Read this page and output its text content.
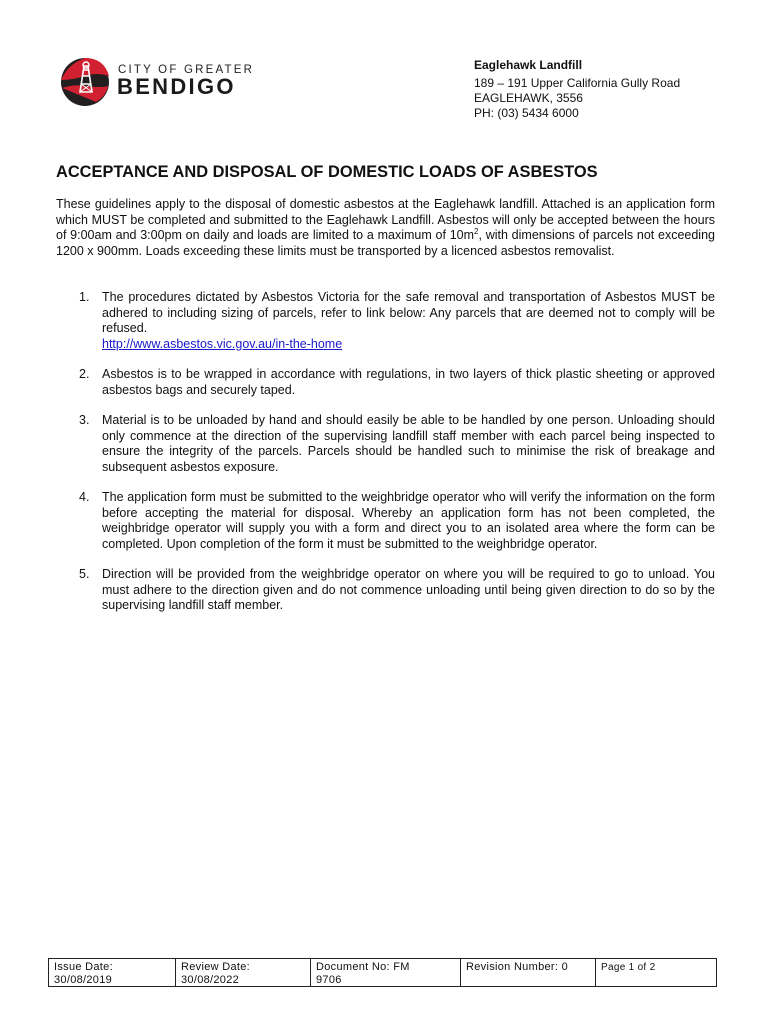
CITY OF GREATER
BENDIGO
Eaglehawk Landfill
189 – 191 Upper California Gully Road
EAGLEHAWK, 3556
PH: (03) 5434 6000
ACCEPTANCE AND DISPOSAL OF DOMESTIC LOADS OF ASBESTOS
These guidelines apply to the disposal of domestic asbestos at the Eaglehawk landfill. Attached is an application form which MUST be completed and submitted to the Eaglehawk Landfill. Asbestos will only be accepted between the hours of 9:00am and 3:00pm on daily and loads are limited to a maximum of $10m^2$, with dimensions of parcels not exceeding 1200 x 900mm. Loads exceeding these limits must be transported by a licenced asbestos removalist.
1. The procedures dictated by Asbestos Victoria for the safe removal and transportation of Asbestos MUST be adhered to including sizing of parcels, refer to link below: Any parcels that are deemed not to comply will be refused.
http://www.asbestos.vic.gov.au/in-the-home
2. Asbestos is to be wrapped in accordance with regulations, in two layers of thick plastic sheeting or approved asbestos bags and securely taped.
3. Material is to be unloaded by hand and should easily be able to be handled by one person. Unloading should only commence at the direction of the supervising landfill staff member with each parcel being inspected to ensure the integrity of the parcels. Parcels should be handled such to minimise the risk of breakage and subsequent asbestos exposure.
4. The application form must be submitted to the weighbridge operator who will verify the information on the form before accepting the material for disposal. Whereby an application form has not been completed, the weighbridge operator will supply you with a form and direct you to an isolated area where the form can be completed. Upon completion of the form it must be submitted to the weighbridge operator.
5. Direction will be provided from the weighbridge operator on where you will be required to go to unload. You must adhere to the direction given and do not commence unloading until being given direction to do so by the supervising landfill staff member.
Issue Date:
30/08/2019
Review Date:
30/08/2022
Document No: FM
9706
Revision Number: 0	Page 1 of 2
